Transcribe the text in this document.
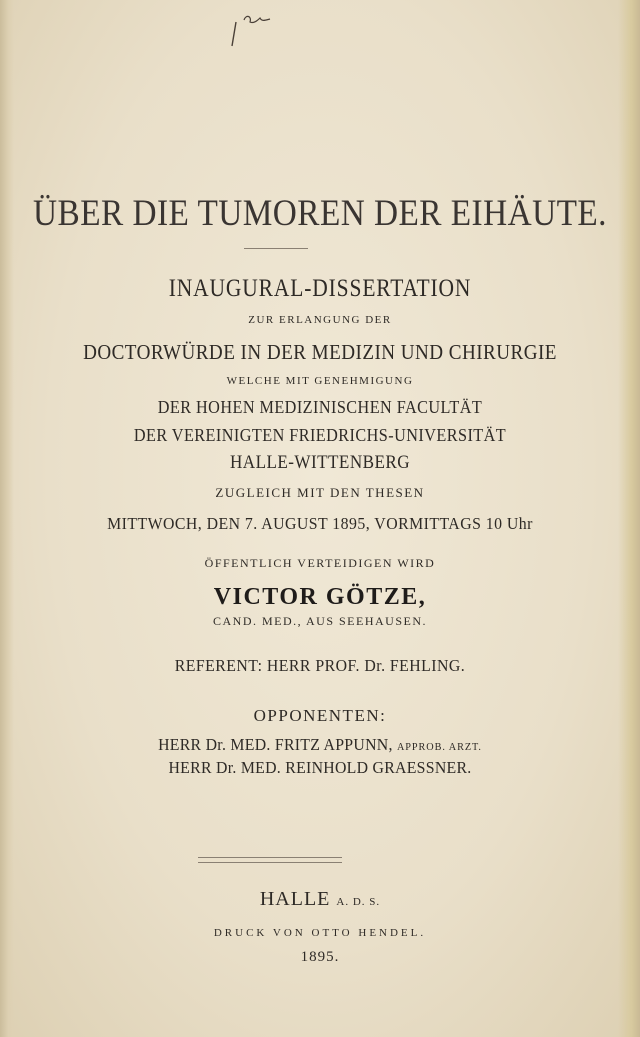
ÜBER DIE TUMOREN DER EIHÄUTE.
INAUGURAL-DISSERTATION
ZUR ERLANGUNG DER
DOCTORWÜRDE IN DER MEDIZIN UND CHIRURGIE
WELCHE MIT GENEHMIGUNG
DER HOHEN MEDIZINISCHEN FACULTÄT
DER VEREINIGTEN FRIEDRICHS-UNIVERSITÄT
HALLE-WITTENBERG
ZUGLEICH MIT DEN THESEN
MITTWOCH, DEN 7. AUGUST 1895, VORMITTAGS 10 Uhr
ÖFFENTLICH VERTEIDIGEN WIRD
VICTOR GÖTZE,
CAND. MED., AUS SEEHAUSEN.
REFERENT: HERR PROF. Dr. FEHLING.
OPPONENTEN:
HERR Dr. MED. FRITZ APPUNN, APPROB. ARZT.
HERR Dr. MED. REINHOLD GRAESSNER.
HALLE A. D. S.
DRUCK VON OTTO HENDEL.
1895.
